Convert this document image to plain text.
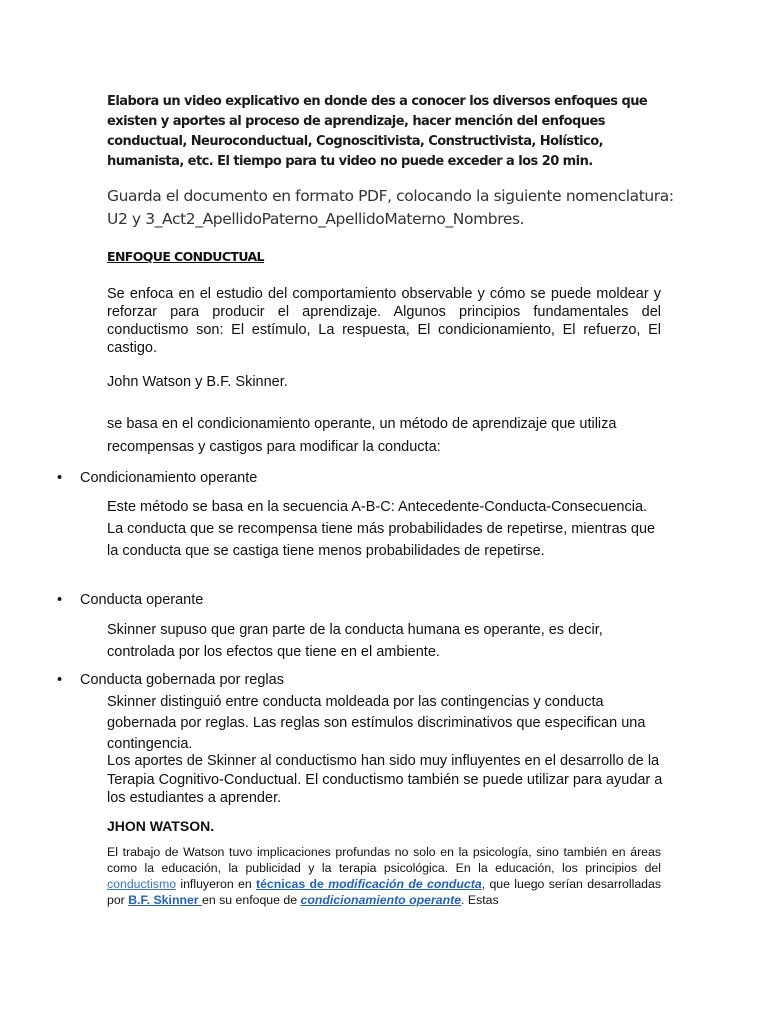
Elabora un video explicativo en donde des a conocer los diversos enfoques que existen y aportes al proceso de aprendizaje, hacer mención del enfoques conductual, Neuroconductual, Cognoscitivista, Constructivista, Holístico, humanista, etc. El tiempo para tu video no puede exceder a los 20 min.

Guarda el documento en formato PDF, colocando la siguiente nomenclatura: U2 y 3_Act2_ApellidoPaterno_ApellidoMaterno_Nombres.

ENFOQUE CONDUCTUAL

Se enfoca en el estudio del comportamiento observable y cómo se puede moldear y reforzar para producir el aprendizaje. Algunos principios fundamentales del conductismo son: El estímulo, La respuesta, El condicionamiento, El refuerzo, El castigo.

John Watson y B.F. Skinner.

se basa en el condicionamiento operante, un método de aprendizaje que utiliza recompensas y castigos para modificar la conducta:

• Condicionamiento operante

Este método se basa en la secuencia A-B-C: Antecedente-Conducta-Consecuencia. La conducta que se recompensa tiene más probabilidades de repetirse, mientras que la conducta que se castiga tiene menos probabilidades de repetirse.

• Conducta operante

Skinner supuso que gran parte de la conducta humana es operante, es decir, controlada por los efectos que tiene en el ambiente.

• Conducta gobernada por reglas

Skinner distinguió entre conducta moldeada por las contingencias y conducta gobernada por reglas. Las reglas son estímulos discriminativos que especifican una contingencia.

Los aportes de Skinner al conductismo han sido muy influyentes en el desarrollo de la Terapia Cognitivo-Conductual. El conductismo también se puede utilizar para ayudar a los estudiantes a aprender.

JHON WATSON.

El trabajo de Watson tuvo implicaciones profundas no solo en la psicología, sino también en áreas como la educación, la publicidad y la terapia psicológica. En la educación, los principios del conductismo influyeron en técnicas de modificación de conducta, que luego serían desarrolladas por B.F. Skinner en su enfoque de condicionamiento operante. Estas
